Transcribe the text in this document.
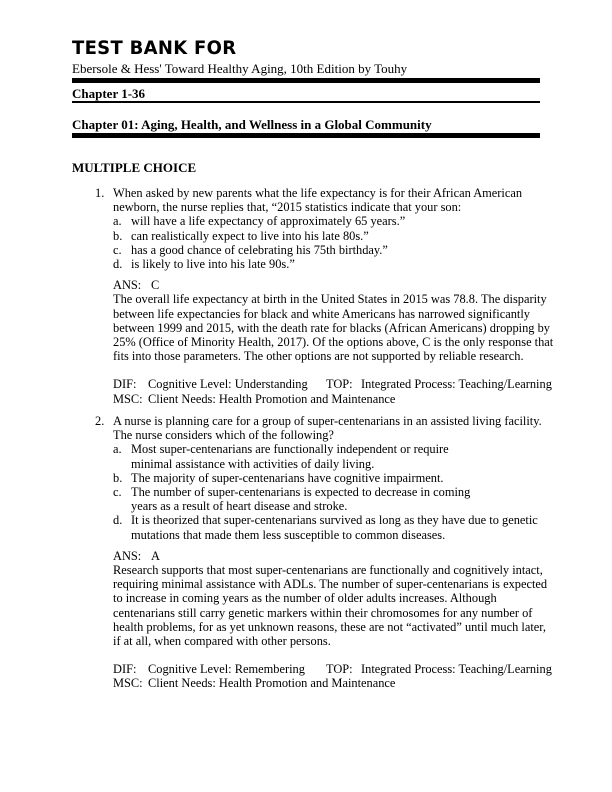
TEST BANK FOR
Ebersole & Hess' Toward Healthy Aging, 10th Edition by Touhy
Chapter 1-36
Chapter 01: Aging, Health, and Wellness in a Global Community
MULTIPLE CHOICE
1. When asked by new parents what the life expectancy is for their African American newborn, the nurse replies that, “2015 statistics indicate that your son:
a. will have a life expectancy of approximately 65 years.”
b. can realistically expect to live into his late 80s.”
c. has a good chance of celebrating his 75th birthday.”
d. is likely to live into his late 90s.”
ANS: C
The overall life expectancy at birth in the United States in 2015 was 78.8. The disparity between life expectancies for black and white Americans has narrowed significantly between 1999 and 2015, with the death rate for blacks (African Americans) dropping by 25% (Office of Minority Health, 2017). Of the options above, C is the only response that fits into those parameters. The other options are not supported by reliable research.
DIF: Cognitive Level: Understanding TOP: Integrated Process: Teaching/Learning
MSC: Client Needs: Health Promotion and Maintenance
2. A nurse is planning care for a group of super-centenarians in an assisted living facility. The nurse considers which of the following?
a. Most super-centenarians are functionally independent or require minimal assistance with activities of daily living.
b. The majority of super-centenarians have cognitive impairment.
c. The number of super-centenarians is expected to decrease in coming years as a result of heart disease and stroke.
d. It is theorized that super-centenarians survived as long as they have due to genetic mutations that made them less susceptible to common diseases.
ANS: A
Research supports that most super-centenarians are functionally and cognitively intact, requiring minimal assistance with ADLs. The number of super-centenarians is expected to increase in coming years as the number of older adults increases. Although centenarians still carry genetic markers within their chromosomes for any number of health problems, for as yet unknown reasons, these are not “activated” until much later, if at all, when compared with other persons.
DIF: Cognitive Level: Remembering TOP: Integrated Process: Teaching/Learning
MSC: Client Needs: Health Promotion and Maintenance
